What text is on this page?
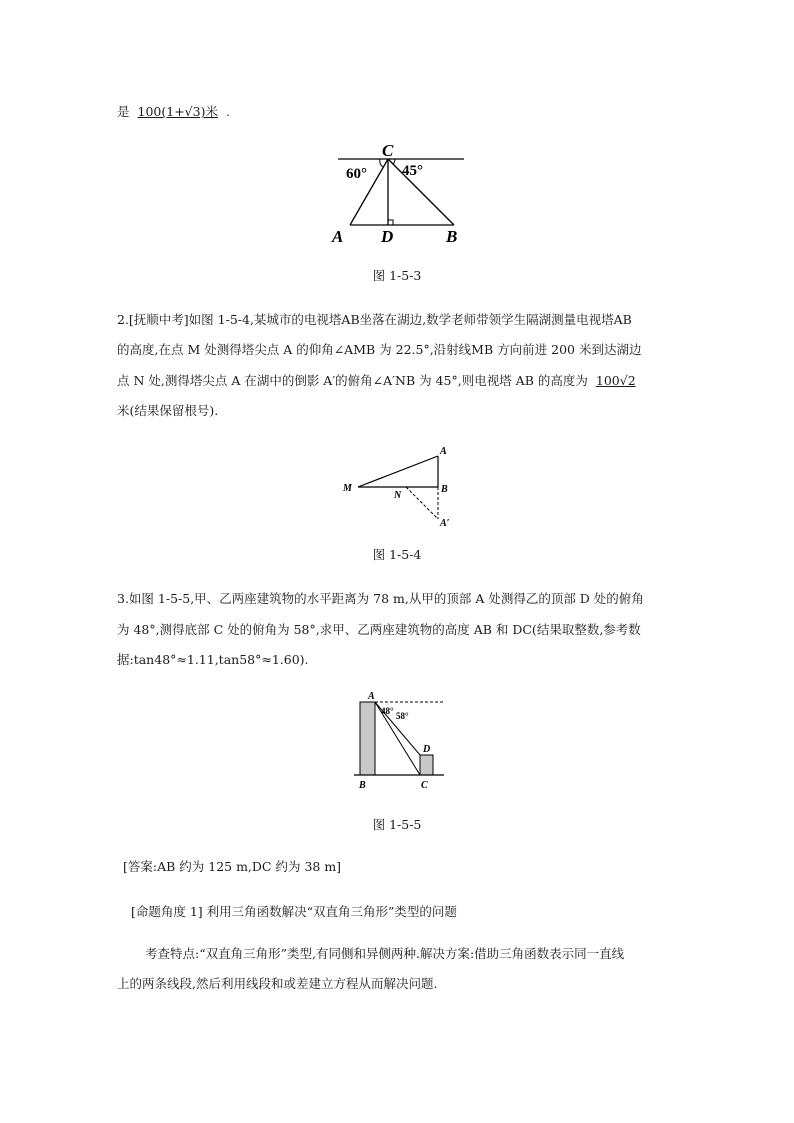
是 100(1+√3)米 .
C
60° 45°
A D	B
图 1-5-3
2.[抚顺中考]如图 1-5-4,某城市的电视塔AB坐落在湖边,数学老师带领学生隔湖测量电视塔AB
的高度,在点 M 处测得塔尖点 A 的仰角∠AMB 为 22.5°,沿射线MB 方向前进 200 米到达湖边
点 N 处,测得塔尖点 A 在湖中的倒影 A′的俯角∠A′NB 为 45°,则电视塔 AB 的高度为 100√2
米(结果保留根号).
A
M
N
B
A′
图 1-5-4
3.如图 1-5-5,甲、乙两座建筑物的水平距离为 78 m,从甲的顶部 A 处测得乙的顶部 D 处的俯角
为 48°,测得底部 C 处的俯角为 58°,求甲、乙两座建筑物的高度 AB 和 DC(结果取整数,参考数
据:tan48°≈1.11,tan58°≈1.60).
A
48° 58°
D
B	C
图 1-5-5
[答案:AB 约为 125 m,DC 约为 38 m]
[命题角度 1] 利用三角函数解决“双直角三角形”类型的问题
考查特点:“双直角三角形”类型,有同侧和异侧两种.解决方案:借助三角函数表示同一直线
上的两条线段,然后利用线段和或差建立方程从而解决问题.
